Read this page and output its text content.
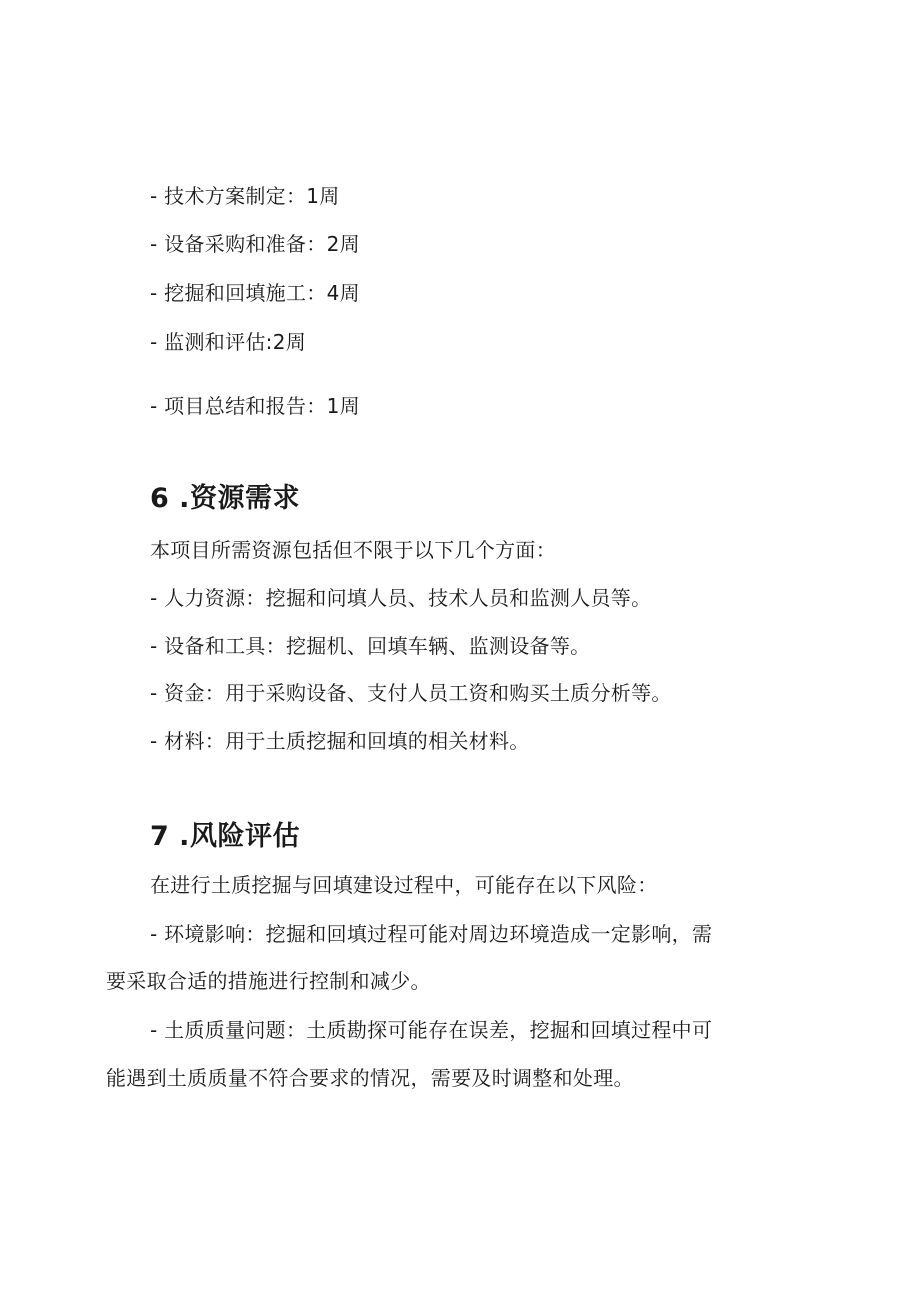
- 技术方案制定：1周
- 设备采购和准备：2周
- 挖掘和回填施工：4周
- 监测和评估:2周
- 项目总结和报告：1周
6 .资源需求
本项目所需资源包括但不限于以下几个方面：
- 人力资源：挖掘和问填人员、技术人员和监测人员等。
- 设备和工具：挖掘机、回填车辆、监测设备等。
- 资金：用于采购设备、支付人员工资和购买土质分析等。
- 材料：用于土质挖掘和回填的相关材料。
7 .风险评估
在进行土质挖掘与回填建设过程中，可能存在以下风险：
- 环境影响：挖掘和回填过程可能对周边环境造成一定影响，需
要采取合适的措施进行控制和减少。
- 土质质量问题：土质勘探可能存在误差，挖掘和回填过程中可
能遇到土质质量不符合要求的情况，需要及时调整和处理。
